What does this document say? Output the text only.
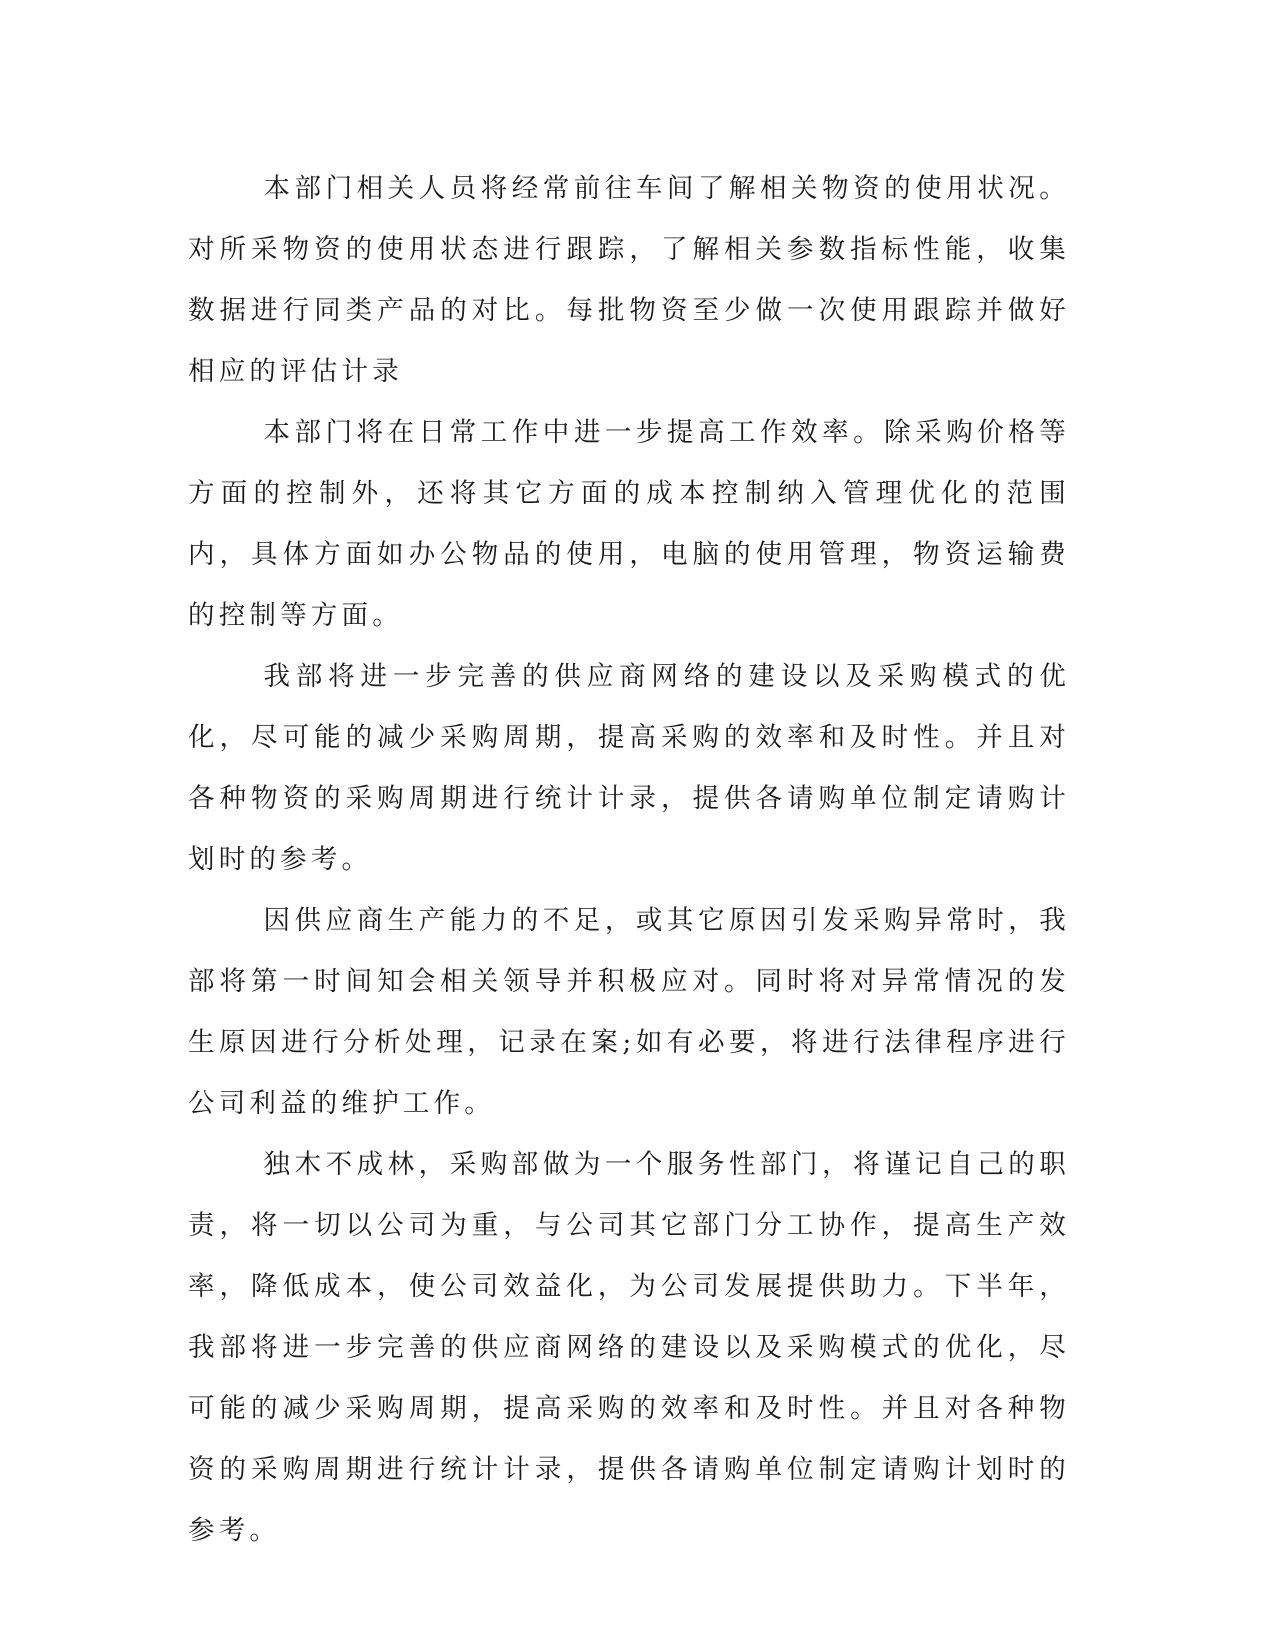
本部门相关人员将经常前往车间了解相关物资的使用状况。对所采物资的使用状态进行跟踪，了解相关参数指标性能，收集数据进行同类产品的对比。每批物资至少做一次使用跟踪并做好相应的评估计录

本部门将在日常工作中进一步提高工作效率。除采购价格等方面的控制外，还将其它方面的成本控制纳入管理优化的范围内，具体方面如办公物品的使用，电脑的使用管理，物资运输费的控制等方面。

我部将进一步完善的供应商网络的建设以及采购模式的优化，尽可能的减少采购周期，提高采购的效率和及时性。并且对各种物资的采购周期进行统计计录，提供各请购单位制定请购计划时的参考。

因供应商生产能力的不足，或其它原因引发采购异常时，我部将第一时间知会相关领导并积极应对。同时将对异常情况的发生原因进行分析处理，记录在案;如有必要，将进行法律程序进行公司利益的维护工作。

独木不成林，采购部做为一个服务性部门，将谨记自己的职责，将一切以公司为重，与公司其它部门分工协作，提高生产效率，降低成本，使公司效益化，为公司发展提供助力。下半年，我部将进一步完善的供应商网络的建设以及采购模式的优化，尽可能的减少采购周期，提高采购的效率和及时性。并且对各种物资的采购周期进行统计计录，提供各请购单位制定请购计划时的参考。
